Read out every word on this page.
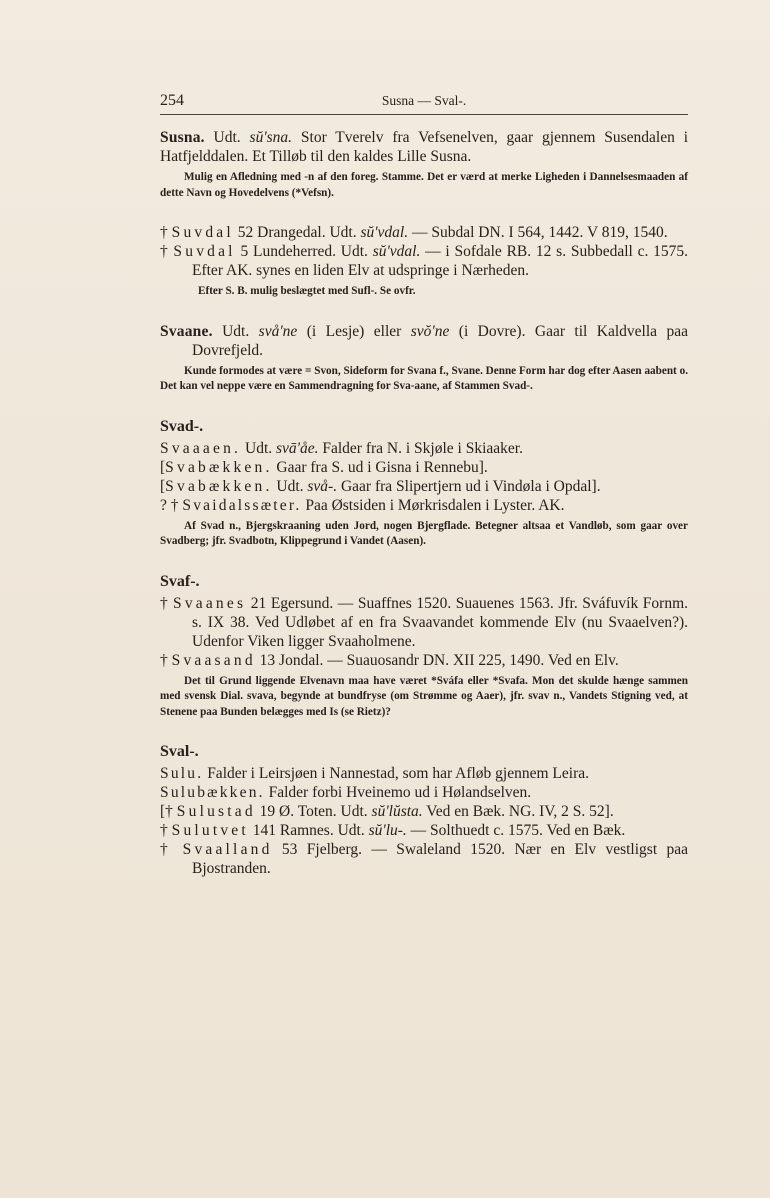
254	Susna — Sval-.

Susna. Udt. sŭ'sna. Stor Tverelv fra Vefsenelven, gaar gjennem Susendalen i Hatfjelddalen. Et Tilløb til den kaldes Lille Susna.

Mulig en Afledning med -n af den foreg. Stamme. Det er værd at merke Ligheden i Dannelsesmaaden af dette Navn og Hovedelvens (*Vefsn).

† Suvdal 52 Drangedal. Udt. sŭ'vdal. — Subdal DN. I 564, 1442. V 819, 1540.

† Suvdal 5 Lundeherred. Udt. sŭ'vdal. — i Sofdale RB. 12 s. Subbedall c. 1575. Efter AK. synes en liden Elv at udspringe i Nærheden.

Efter S. B. mulig beslægtet med Sufl-. Se ovfr.

Svaane. Udt. svå'ne (i Lesje) eller svŏ'ne (i Dovre). Gaar til Kaldvella paa Dovrefjeld.

Kunde formodes at være = Svon, Sideform for Svana f., Svane. Denne Form har dog efter Aasen aabent o. Det kan vel neppe være en Sammendragning for Sva-aane, af Stammen Svad-.

Svad-.

Svaaaen. Udt. svā'åe. Falder fra N. i Skjøle i Skiaaker.

[Svabækken. Gaar fra S. ud i Gisna i Rennebu].

[Svabækken. Udt. svå-. Gaar fra Slipertjern ud i Vindøla i Opdal].

? † Svaidalssæter. Paa Østsiden i Mørkrisdalen i Lyster. AK.

Af Svad n., Bjergskraaning uden Jord, nogen Bjergflade. Betegner altsaa et Vandløb, som gaar over Svadberg; jfr. Svadbotn, Klippegrund i Vandet (Aasen).

Svaf-.

† Svaanes 21 Egersund. — Suaffnes 1520. Suauenes 1563. Jfr. Sváfuvík Fornm. s. IX 38. Ved Udløbet af en fra Svaavandet kommende Elv (nu Svaaelven?). Udenfor Viken ligger Svaaholmene.

† Svaasand 13 Jondal. — Suauosandr DN. XII 225, 1490. Ved en Elv.

Det til Grund liggende Elvenavn maa have været *Sváfa eller *Svafa. Mon det skulde hænge sammen med svensk Dial. svava, begynde at bundfryse (om Strømme og Aaer), jfr. svav n., Vandets Stigning ved, at Stenene paa Bunden belægges med Is (se Rietz)?

Sval-.

Sulu. Falder i Leirsjøen i Nannestad, som har Afløb gjennem Leira.

Sulubækken. Falder forbi Hveinemo ud i Hølandselven.

[† Sulustad 19 Ø. Toten. Udt. sŭ'lŭsta. Ved en Bæk. NG. IV, 2 S. 52].

† Sulutvet 141 Ramnes. Udt. sŭ'lu-. — Solthuedt c. 1575. Ved en Bæk.

† Svaalland 53 Fjelberg. — Swaleland 1520. Nær en Elv vestligst paa Bjostranden.
